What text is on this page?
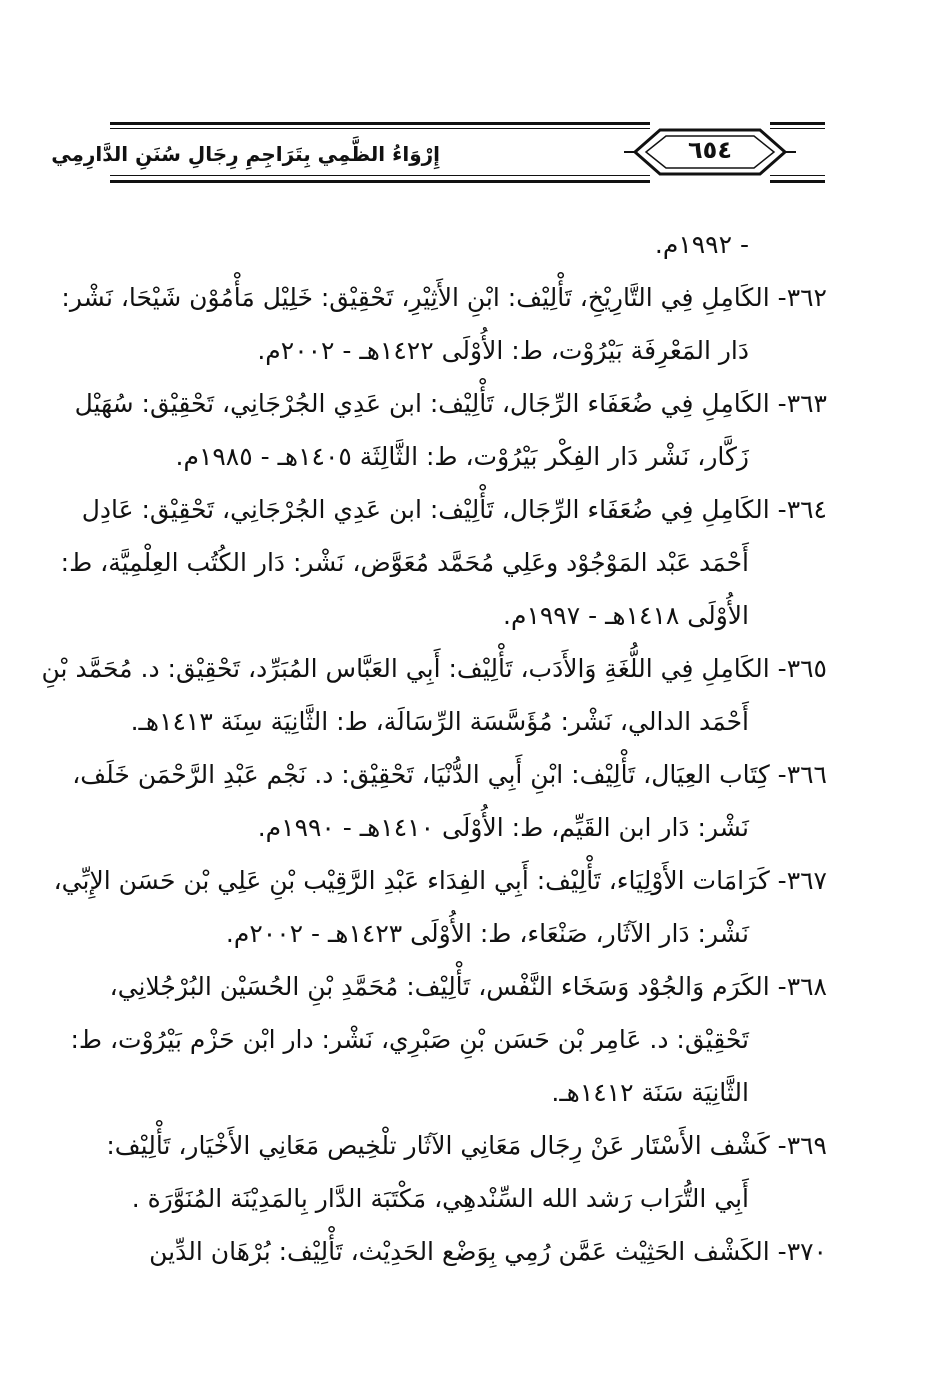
إِرْوَاءُ الظَّمِي بِتَرَاجِمِ رِجَالِ سُنَنِ الدَّارِمِي	٦٥٤
- ١٩٩٢م.
٣٦٢- الكَامِلِ فِي التَّارِيْخِ، تَأْلِيْف: ابْنِ الأَثِيْرِ، تَحْقِيْق: خَلِيْل مَأْمُوْن شَيْحَا، نَشْر:
دَار المَعْرِفَة بَيْرُوْت، ط: الأُوْلَى ١٤٢٢هـ - ٢٠٠٢م.
٣٦٣- الكَامِلِ فِي ضُعَفَاء الرِّجَال، تَأْلِيْف: ابن عَدِي الجُرْجَانِي، تَحْقِيْق: سُهَيْل
زَكَّار، نَشْر دَار الفِكْر بَيْرُوْت، ط: الثَّالِثَة ١٤٠٥هـ - ١٩٨٥م.
٣٦٤- الكَامِلِ فِي ضُعَفَاء الرِّجَال، تَأْلِيْف: ابن عَدِي الجُرْجَانِي، تَحْقِيْق: عَادِل
أَحْمَد عَبْد المَوْجُوْد وعَلِي مُحَمَّد مُعَوَّض، نَشْر: دَار الكُتُب العِلْمِيَّة، ط:
الأُوْلَى ١٤١٨هـ - ١٩٩٧م.
٣٦٥- الكَامِلِ فِي اللُّغَةِ وَالأَدَب، تَأْلِيْف: أَبِي العَبَّاس المُبَرِّد، تَحْقِيْق: د. مُحَمَّد بْنِ
أَحْمَد الدالي، نَشْر: مُؤَسَّسَة الرِّسَالَة، ط: الثَّانِيَة سِنَة ١٤١٣هـ.
٣٦٦- كِتَاب العِيَال، تَأْلِيْف: ابْنِ أَبِي الدُّنْيَا، تَحْقِيْق: د. نَجْم عَبْدِ الرَّحْمَن خَلَف،
نَشْر: دَار ابن القَيِّم، ط: الأُوْلَى ١٤١٠هـ - ١٩٩٠م.
٣٦٧- كَرَامَات الأَوْلِيَاء، تَأْلِيْف: أَبِي الفِدَاء عَبْدِ الرَّقِيْب بْنِ عَلِي بْن حَسَن الإِبِّي،
نَشْر: دَار الآثَار، صَنْعَاء، ط: الأُوْلَى ١٤٢٣هـ - ٢٠٠٢م.
٣٦٨- الكَرَم وَالجُوْد وَسَخَاء النَّفْس، تَأْلِيْف: مُحَمَّدِ بْنِ الحُسَيْن البُرْجُلانِي،
تَحْقِيْق: د. عَامِر بْن حَسَن بْنِ صَبْرِي، نَشْر: دار ابْن حَزْم بَيْرُوْت، ط:
الثَّانِيَة سَنَة ١٤١٢هـ.
٣٦٩- كَشْف الأَسْتَار عَنْ رِجَال مَعَانِي الآثَار تلْخِيص مَعَانِي الأَخْيَار، تَأْلِيْف:
أَبِي التُّرَاب رَشد الله السِّنْدهِي، مَكْتَبَة الدَّار بِالمَدِيْنَة المُنَوَّرَة .
٣٧٠- الكَشْف الحَثِيْث عَمَّن رُمِي بِوَضْع الحَدِيْث، تَأْلِيْف: بُرْهَان الدِّين
